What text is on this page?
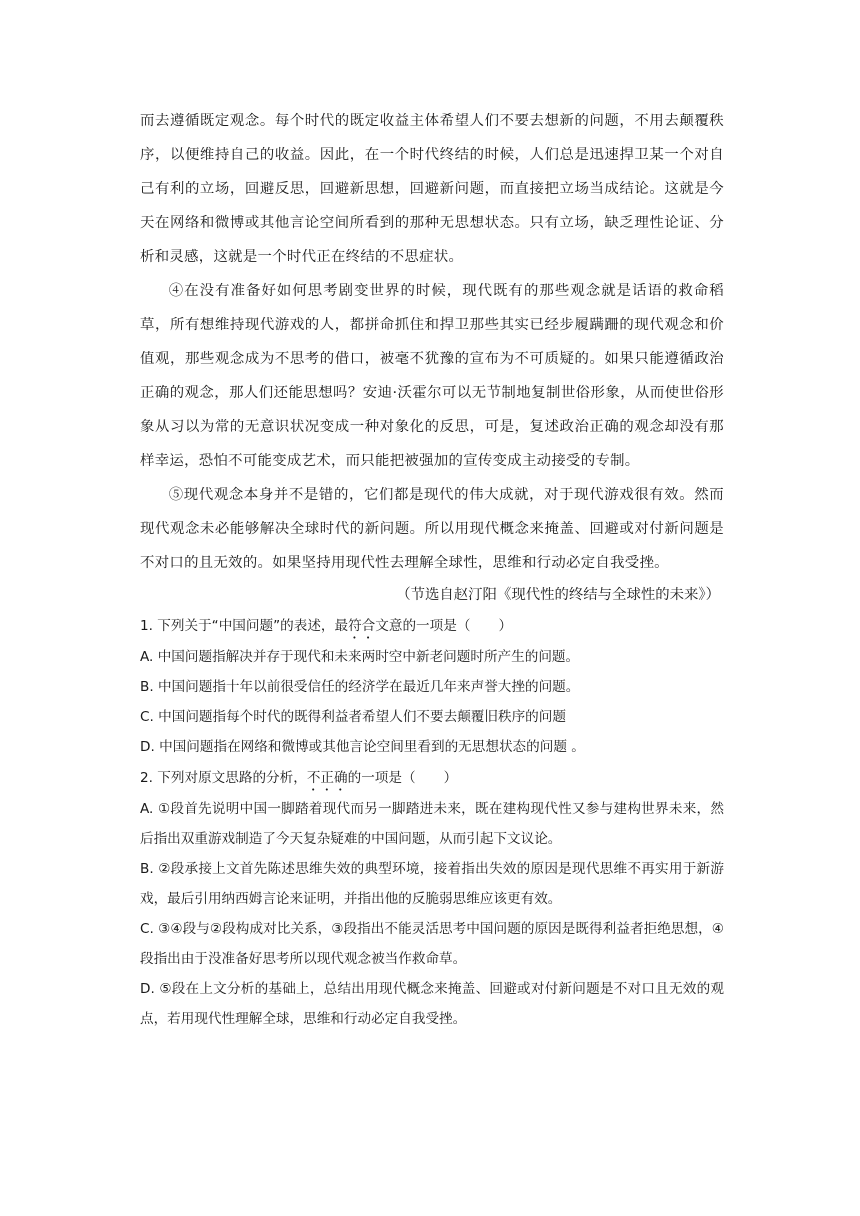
而去遵循既定观念。每个时代的既定收益主体希望人们不要去想新的问题，不用去颠覆秩序，以便维持自己的收益。因此，在一个时代终结的时候，人们总是迅速捍卫某一个对自己有利的立场，回避反思，回避新思想，回避新问题，而直接把立场当成结论。这就是今天在网络和微博或其他言论空间所看到的那种无思想状态。只有立场，缺乏理性论证、分析和灵感，这就是一个时代正在终结的不思症状。

④在没有准备好如何思考剧变世界的时候，现代既有的那些观念就是话语的救命稻草，所有想维持现代游戏的人，都拼命抓住和捍卫那些其实已经步履蹒跚的现代观念和价值观，那些观念成为不思考的借口，被毫不犹豫的宣布为不可质疑的。如果只能遵循政治正确的观念，那人们还能思想吗？安迪·沃霍尔可以无节制地复制世俗形象，从而使世俗形象从习以为常的无意识状况变成一种对象化的反思，可是，复述政治正确的观念却没有那样幸运，恐怕不可能变成艺术，而只能把被强加的宣传变成主动接受的专制。

⑤现代观念本身并不是错的，它们都是现代的伟大成就，对于现代游戏很有效。然而现代观念未必能够解决全球时代的新问题。所以用现代概念来掩盖、回避或对付新问题是不对口的且无效的。如果坚持用现代性去理解全球性，思维和行动必定自我受挫。

（节选自赵汀阳《现代性的终结与全球性的未来》）

1. 下列关于“中国问题”的表述，最符合文意的一项是（ ）

A. 中国问题指解决并存于现代和未来两时空中新老问题时所产生的问题。

B. 中国问题指十年以前很受信任的经济学在最近几年来声誉大挫的问题。

C. 中国问题指每个时代的既得利益者希望人们不要去颠覆旧秩序的问题

D. 中国问题指在网络和微博或其他言论空间里看到的无思想状态的问题 。

2. 下列对原文思路的分析，不正确的一项是（ ）

A. ①段首先说明中国一脚踏着现代而另一脚踏进未来，既在建构现代性又参与建构世界未来，然后指出双重游戏制造了今天复杂疑难的中国问题，从而引起下文议论。

B. ②段承接上文首先陈述思维失效的典型环境，接着指出失效的原因是现代思维不再实用于新游戏，最后引用纳西姆言论来证明，并指出他的反脆弱思维应该更有效。

C. ③④段与②段构成对比关系，③段指出不能灵活思考中国问题的原因是既得利益者拒绝思想，④段指出由于没准备好思考所以现代观念被当作救命草。

D. ⑤段在上文分析的基础上，总结出用现代概念来掩盖、回避或对付新问题是不对口且无效的观点，若用现代性理解全球，思维和行动必定自我受挫。
